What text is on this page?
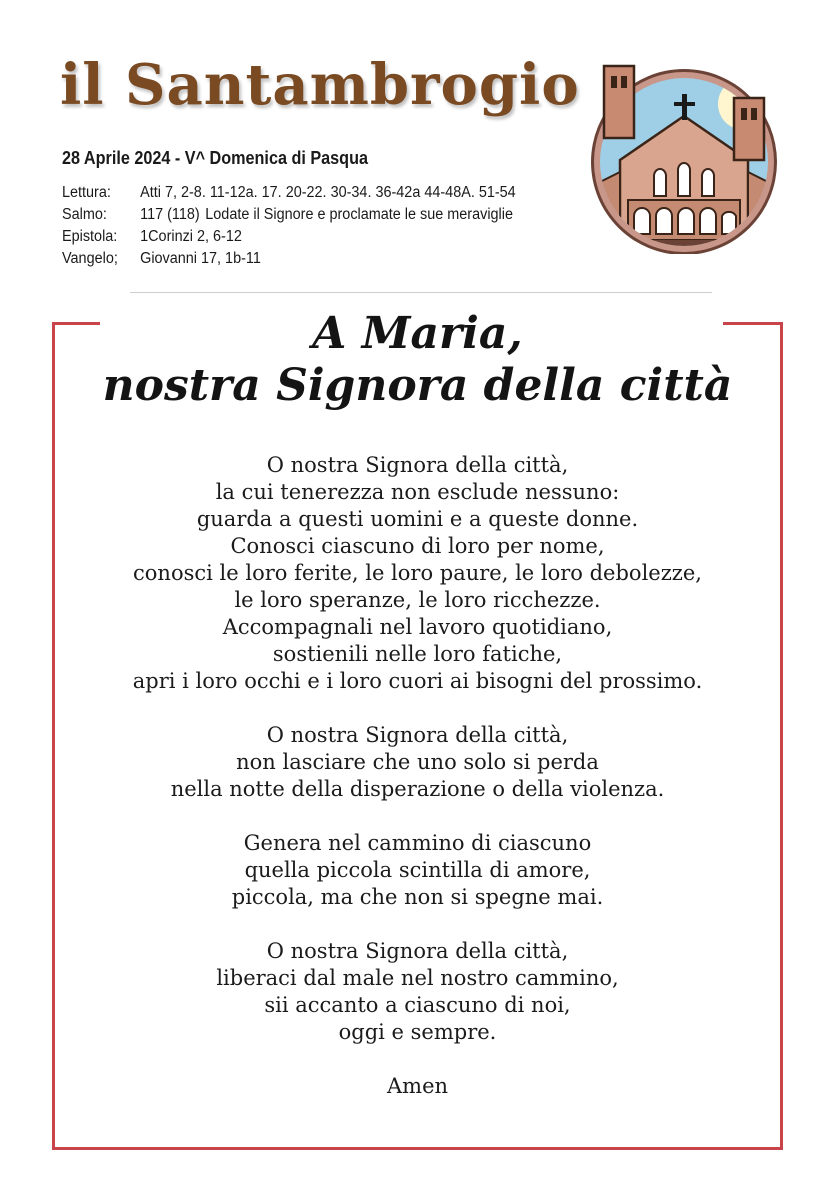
il Santambrogio
28 Aprile 2024 - V^ Domenica di Pasqua
Lettura:	Atti 7, 2-8. 11-12a. 17. 20-22. 30-34. 36-42a 44-48A. 51-54
Salmo:	117 (118) Lodate il Signore e proclamate le sue meraviglie
Epistola:	1Corinzi 2, 6-12
Vangelo;	Giovanni 17, 1b-11
A Maria,
nostra Signora della città
O nostra Signora della città,
la cui tenerezza non esclude nessuno:
guarda a questi uomini e a queste donne.
Conosci ciascuno di loro per nome,
conosci le loro ferite, le loro paure, le loro debolezze,
le loro speranze, le loro ricchezze.
Accompagnali nel lavoro quotidiano,
sostienili nelle loro fatiche,
apri i loro occhi e i loro cuori ai bisogni del prossimo.
O nostra Signora della città,
non lasciare che uno solo si perda
nella notte della disperazione o della violenza.
Genera nel cammino di ciascuno
quella piccola scintilla di amore,
piccola, ma che non si spegne mai.
O nostra Signora della città,
liberaci dal male nel nostro cammino,
sii accanto a ciascuno di noi,
oggi e sempre.
Amen
